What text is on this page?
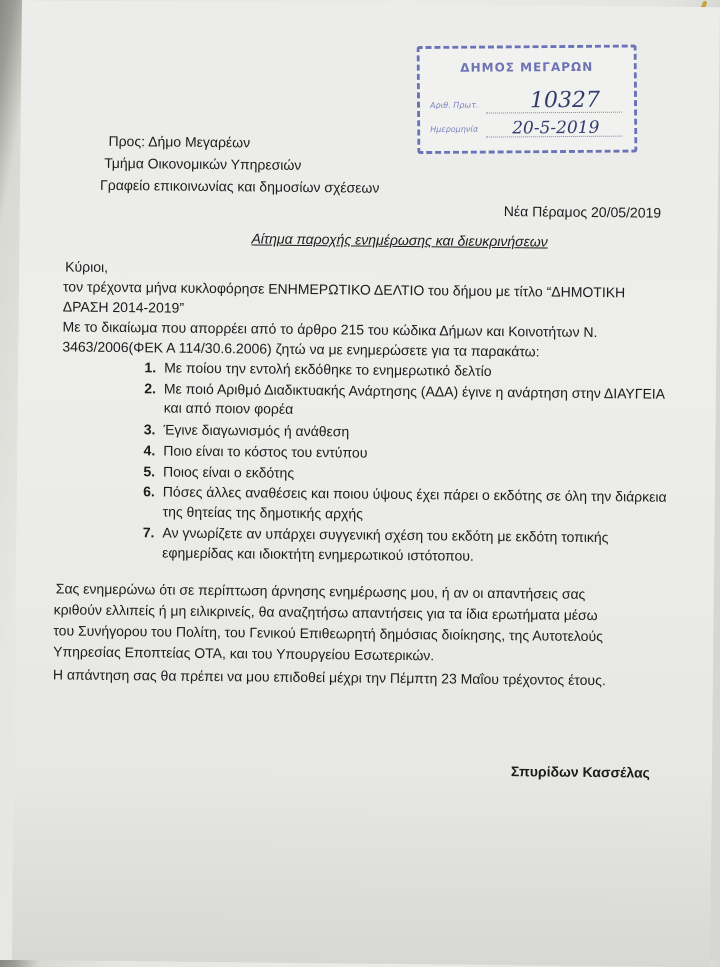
ΔΗΜΟΣ ΜΕΓΑΡΩΝ
Αριθ. Πρωτ. 10327
Ημερομηνία 20-5-2019
Προς: Δήμο Μεγαρέων
Τμήμα Οικονομικών Υπηρεσιών
Γραφείο επικοινωνίας και δημοσίων σχέσεων
Νέα Πέραμος 20/05/2019
Αίτημα παροχής ενημέρωσης και διευκρινήσεων
Κύριοι,
τον τρέχοντα μήνα κυκλοφόρησε ΕΝΗΜΕΡΩΤΙΚΟ ΔΕΛΤΙΟ του δήμου με τίτλο “ΔΗΜΟΤΙΚΗ
ΔΡΑΣΗ 2014-2019”
Με το δικαίωμα που απορρέει από το άρθρο 215 του κώδικα Δήμων και Κοινοτήτων Ν.
3463/2006(ΦΕΚ Α 114/30.6.2006) ζητώ να με ενημερώσετε για τα παρακάτω:
1. Με ποίου την εντολή εκδόθηκε το ενημερωτικό δελτίο
2. Με ποιό Αριθμό Διαδικτυακής Ανάρτησης (ΑΔΑ) έγινε η ανάρτηση στην ΔΙΑΥΓΕΙΑ
και από ποιον φορέα
3. Έγινε διαγωνισμός ή ανάθεση
4. Ποιο είναι το κόστος του εντύπου
5. Ποιος είναι ο εκδότης
6. Πόσες άλλες αναθέσεις και ποιου ύψους έχει πάρει ο εκδότης σε όλη την διάρκεια
της θητείας της δημοτικής αρχής
7. Αν γνωρίζετε αν υπάρχει συγγενική σχέση του εκδότη με εκδότη τοπικής
εφημερίδας και ιδιοκτήτη ενημερωτικού ιστότοπου.
Σας ενημερώνω ότι σε περίπτωση άρνησης ενημέρωσης μου, ή αν οι απαντήσεις σας
κριθούν ελλιπείς ή μη ειλικρινείς, θα αναζητήσω απαντήσεις για τα ίδια ερωτήματα μέσω
του Συνήγορου του Πολίτη, του Γενικού Επιθεωρητή δημόσιας διοίκησης, της Αυτοτελούς
Υπηρεσίας Εποπτείας ΟΤΑ, και του Υπουργείου Εσωτερικών.
Η απάντηση σας θα πρέπει να μου επιδοθεί μέχρι την Πέμπτη 23 Μαΐου τρέχοντος έτους.
Σπυρίδων Κασσέλας
